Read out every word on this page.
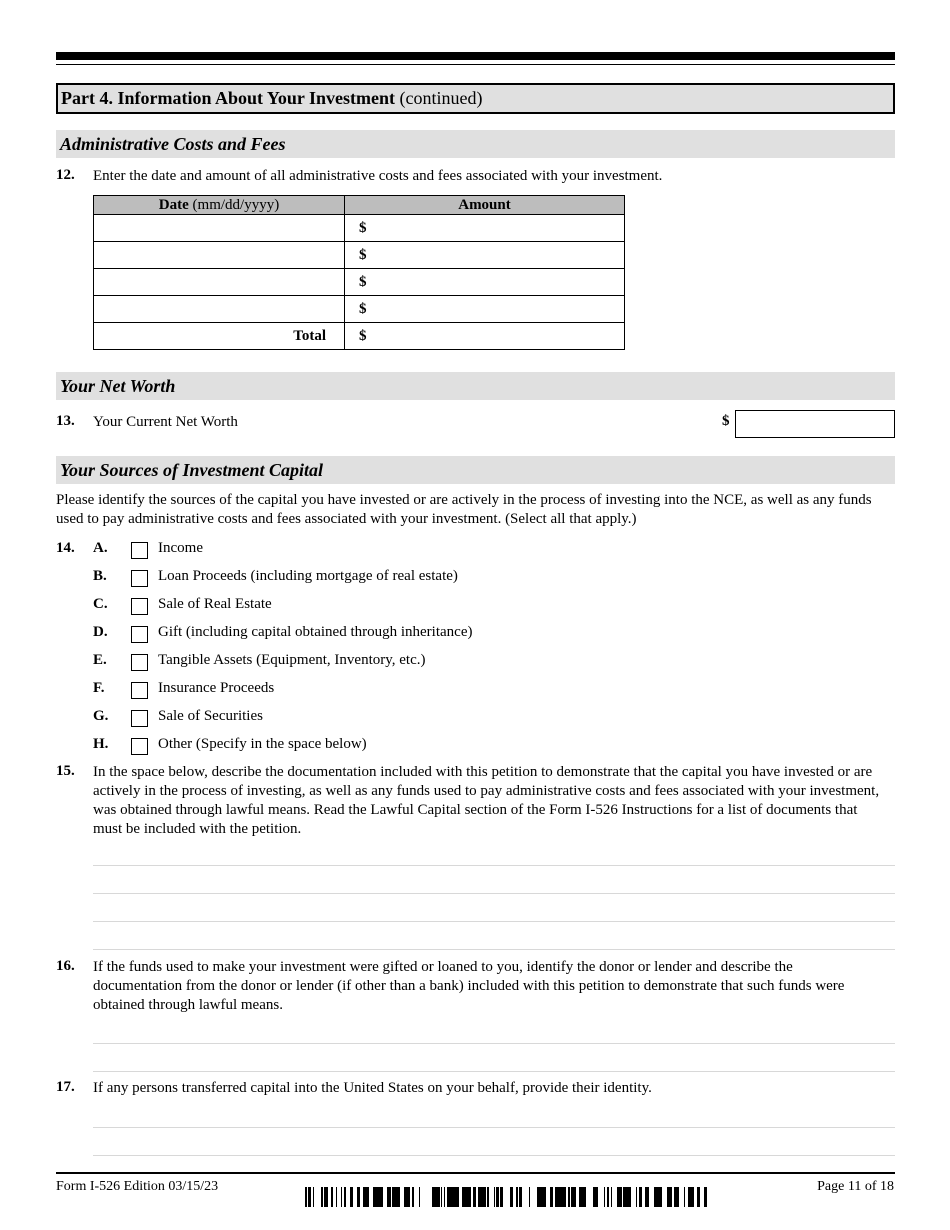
Part 4. Information About Your Investment (continued)
Administrative Costs and Fees
12. Enter the date and amount of all administrative costs and fees associated with your investment.
Date (mm/dd/yyyy)	Amount
	$
	$
	$
	$
Total	$
Your Net Worth
13. Your Current Net Worth	$
Your Sources of Investment Capital
Please identify the sources of the capital you have invested or are actively in the process of investing into the NCE, as well as any funds used to pay administrative costs and fees associated with your investment. (Select all that apply.)
14. A.	Income
B.	Loan Proceeds (including mortgage of real estate)
C.	Sale of Real Estate
D.	Gift (including capital obtained through inheritance)
E.	Tangible Assets (Equipment, Inventory, etc.)
F.	Insurance Proceeds
G.	Sale of Securities
H.	Other (Specify in the space below)
15. In the space below, describe the documentation included with this petition to demonstrate that the capital you have invested or are actively in the process of investing, as well as any funds used to pay administrative costs and fees associated with your investment, was obtained through lawful means. Read the Lawful Capital section of the Form I-526 Instructions for a list of documents that must be included with the petition.
16. If the funds used to make your investment were gifted or loaned to you, identify the donor or lender and describe the documentation from the donor or lender (if other than a bank) included with this petition to demonstrate that such funds were obtained through lawful means.
17. If any persons transferred capital into the United States on your behalf, provide their identity.
Form I-526 Edition 03/15/23	Page 11 of 18
